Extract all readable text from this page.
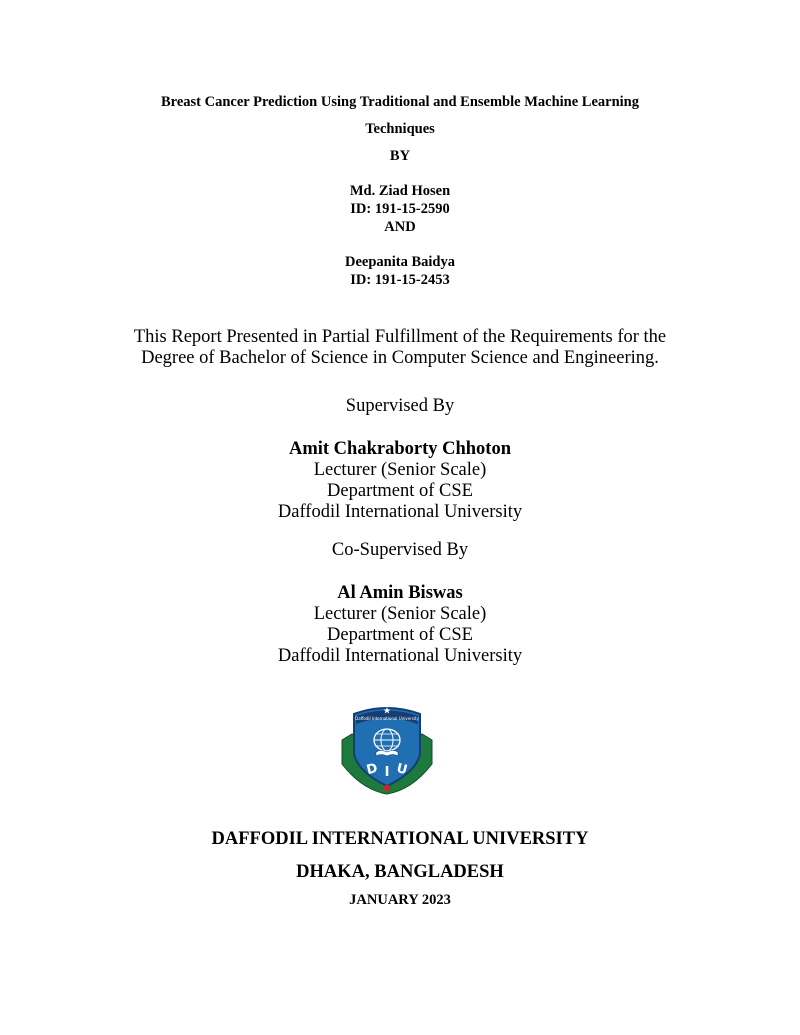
Breast Cancer Prediction Using Traditional and Ensemble Machine Learning
Techniques
BY
Md. Ziad Hosen
ID: 191-15-2590
AND
Deepanita Baidya
ID: 191-15-2453
This Report Presented in Partial Fulfillment of the Requirements for the
Degree of Bachelor of Science in Computer Science and Engineering.
Supervised By
Amit Chakraborty Chhoton
Lecturer (Senior Scale)
Department of CSE
Daffodil International University
Co-Supervised By
Al Amin Biswas
Lecturer (Senior Scale)
Department of CSE
Daffodil International University
Daffodil International University
D I U
DAFFODIL INTERNATIONAL UNIVERSITY
DHAKA, BANGLADESH
JANUARY 2023
